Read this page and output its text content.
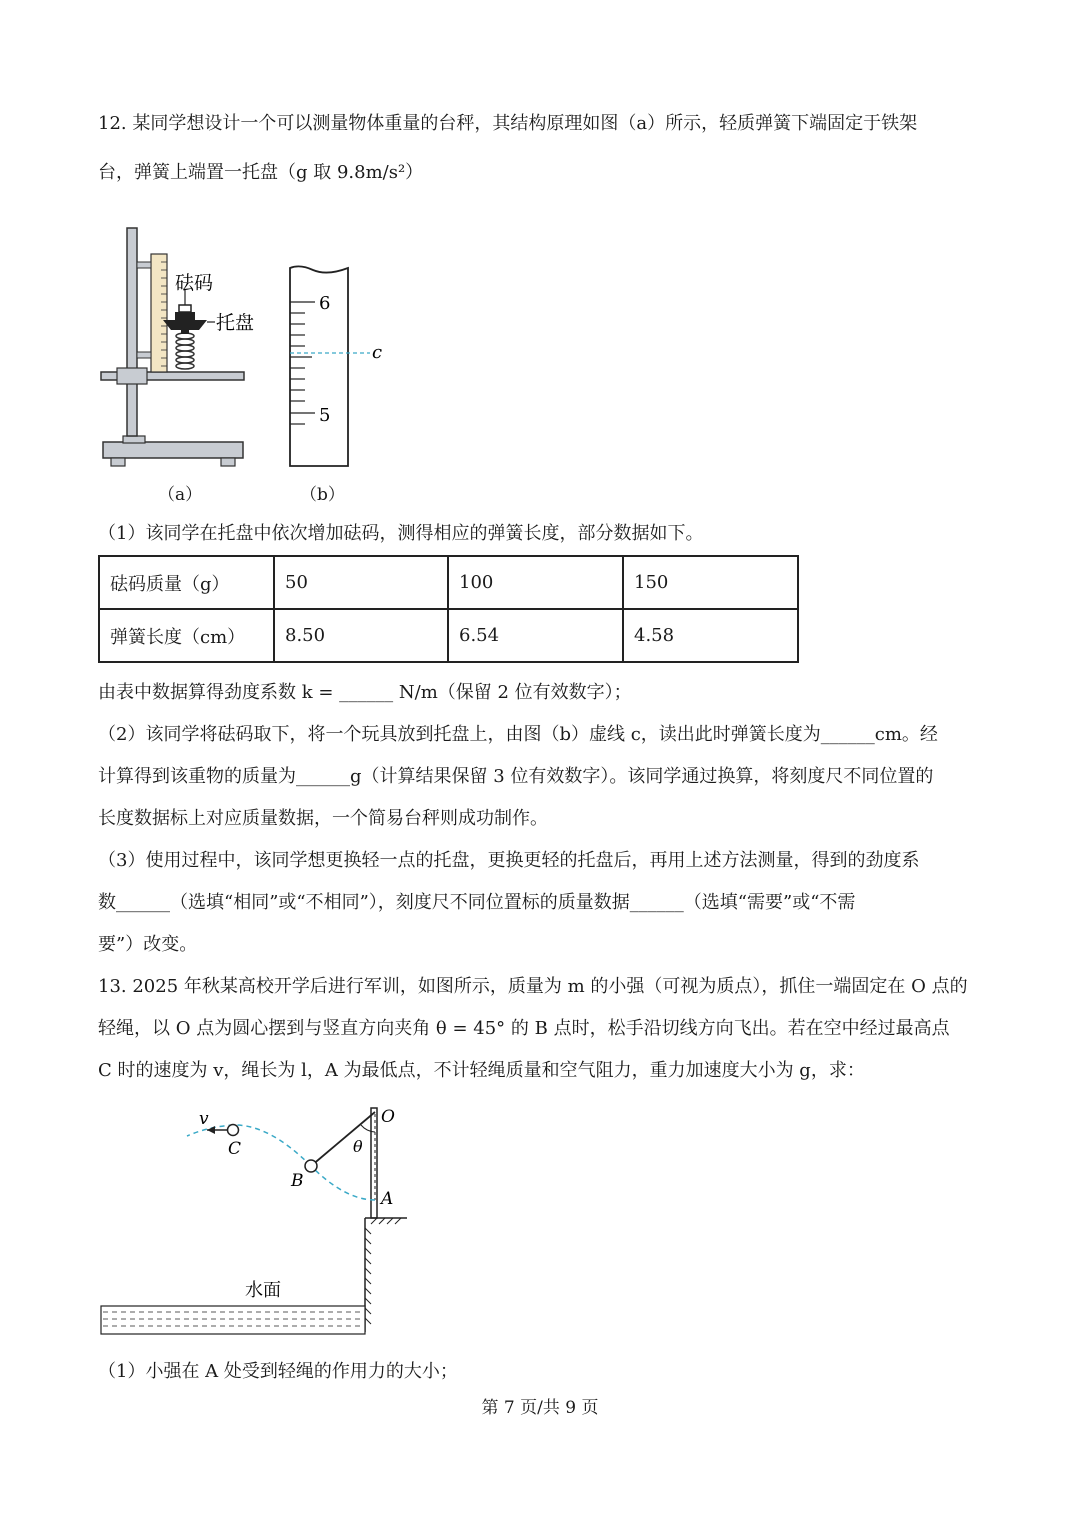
12. 某同学想设计一个可以测量物体重量的台秤，其结构原理如图（a）所示，轻质弹簧下端固定于铁架
台，弹簧上端置一托盘（g 取 9.8m/s²）
砝码
托盘
6
5
c
（a）	（b）
（1）该同学在托盘中依次增加砝码，测得相应的弹簧长度，部分数据如下。
砝码质量（g）	50	100	150
弹簧长度（cm）	8.50	6.54	4.58
由表中数据算得劲度系数 k = ______ N/m（保留 2 位有效数字）；
（2）该同学将砝码取下，将一个玩具放到托盘上，由图（b）虚线 c，读出此时弹簧长度为______cm。经
计算得到该重物的质量为______g（计算结果保留 3 位有效数字）。该同学通过换算，将刻度尺不同位置的
长度数据标上对应质量数据，一个简易台秤则成功制作。
（3）使用过程中，该同学想更换轻一点的托盘，更换更轻的托盘后，再用上述方法测量，得到的劲度系
数______（选填“相同”或“不相同”），刻度尺不同位置标的质量数据______（选填“需要”或“不需
要”）改变。
13. 2025 年秋某高校开学后进行军训，如图所示，质量为 m 的小强（可视为质点），抓住一端固定在 O 点的
轻绳，以 O 点为圆心摆到与竖直方向夹角 θ = 45° 的 B 点时，松手沿切线方向飞出。若在空中经过最高点
C 时的速度为 v，绳长为 l，A 为最低点，不计轻绳质量和空气阻力，重力加速度大小为 g，求：
v
C
B
O
θ
A
水面
（1）小强在 A 处受到轻绳的作用力的大小；
第 7 页/共 9 页
